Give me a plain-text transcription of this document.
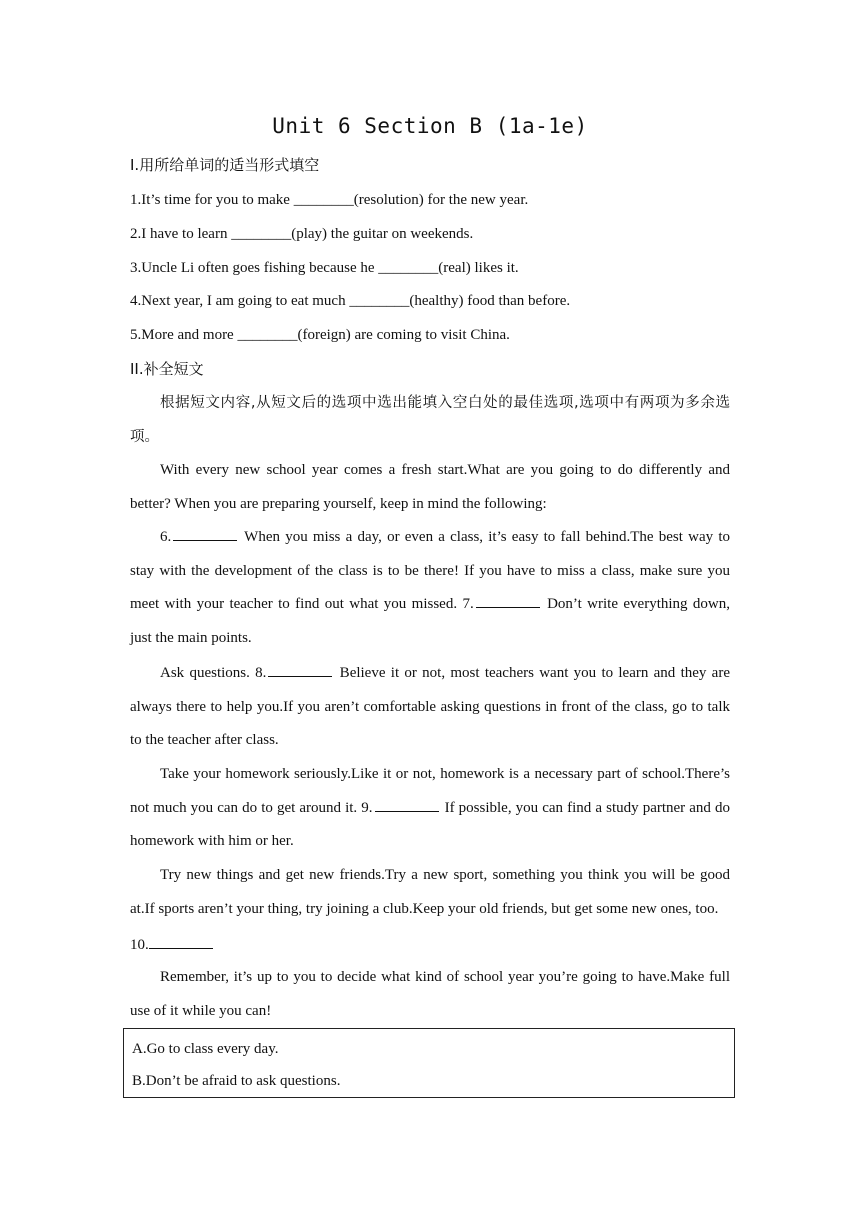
Unit 6 Section B (1a-1e)
I.用所给单词的适当形式填空
1.It’s time for you to make ________(resolution) for the new year.
2.I have to learn ________(play) the guitar on weekends.
3.Uncle Li often goes fishing because he ________(real) likes it.
4.Next year, I am going to eat much ________(healthy) food than before.
5.More and more ________(foreign) are coming to visit China.
II.补全短文
根据短文内容,从短文后的选项中选出能填入空白处的最佳选项,选项中有两项为多余选项。
With every new school year comes a fresh start.What are you going to do differently and better? When you are preparing yourself, keep in mind the following:
6.	When you miss a day, or even a class, it’s easy to fall behind.The best way to stay with the development of the class is to be there! If you have to miss a class, make sure you meet with your teacher to find out what you missed. 7.	Don’t write everything down, just the main points.
Ask questions. 8.	Believe it or not, most teachers want you to learn and they are always there to help you.If you aren’t comfortable asking questions in front of the class, go to talk to the teacher after class.
Take your homework seriously.Like it or not, homework is a necessary part of school.There’s not much you can do to get around it. 9.	If possible, you can find a study partner and do homework with him or her.
Try new things and get new friends.Try a new sport, something you think you will be good at.If sports aren’t your thing, try joining a club.Keep your old friends, but get some new ones, too.
10.
Remember, it’s up to you to decide what kind of school year you’re going to have.Make full use of it while you can!
A.Go to class every day.
B.Don’t be afraid to ask questions.
